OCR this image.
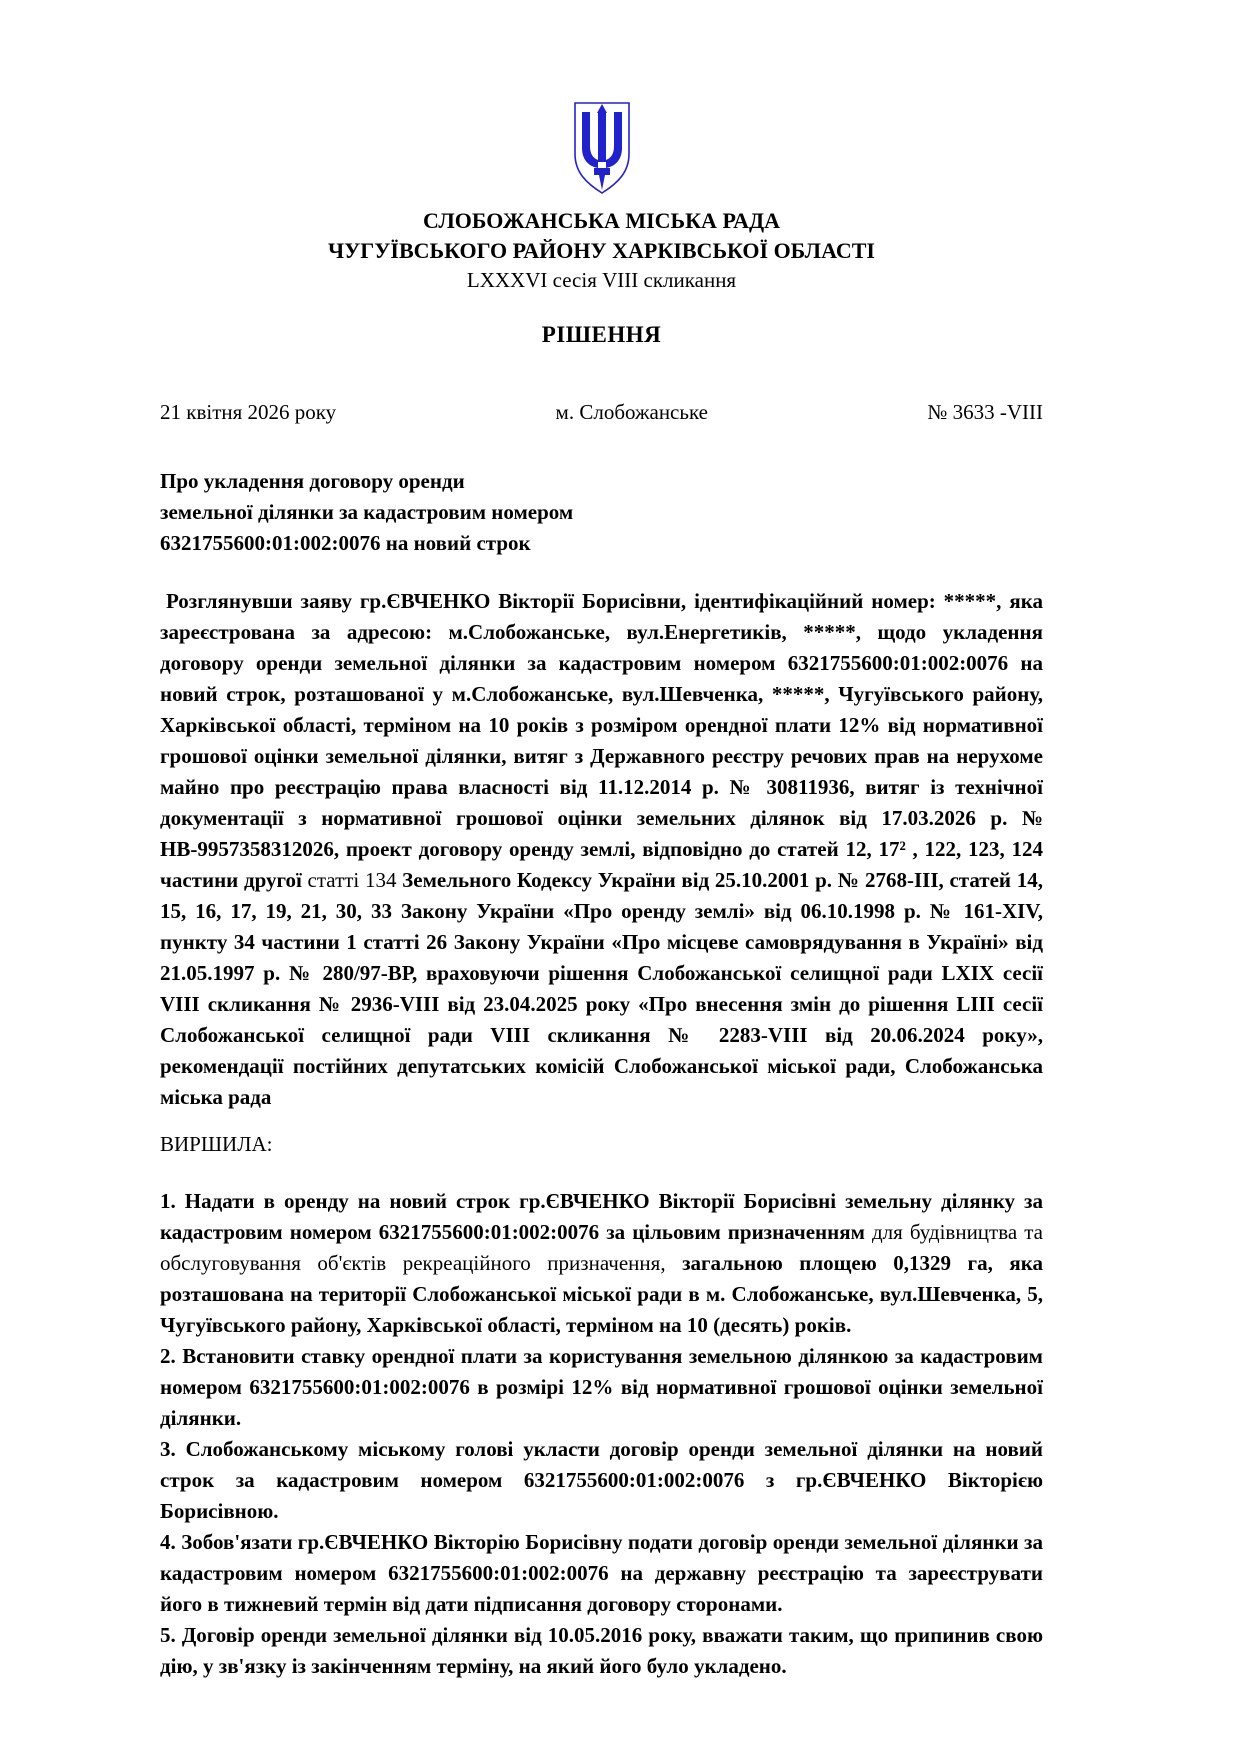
СЛОБОЖАНСЬКА МІСЬКА РАДА
ЧУГУЇВСЬКОГО РАЙОНУ ХАРКІВСЬКОЇ ОБЛАСТІ
LXXXVI сесія VIII скликання
РІШЕННЯ
21 квітня 2026 року	м. Слобожанське	№ 3633 -VIII
Про укладення договору оренди
земельної ділянки за кадастровим номером
6321755600:01:002:0076 на новий строк

Розглянувши заяву гр.ЄВЧЕНКО Вікторії Борисівни, ідентифікаційний номер: *****, яка зареєстрована за адресою: м.Слобожанське, вул.Енергетиків, *****, щодо укладення договору оренди земельної ділянки за кадастровим номером 6321755600:01:002:0076 на новий строк, розташованої у м.Слобожанське, вул.Шевченка, *****, Чугуївського району, Харківської області, терміном на 10 років з розміром орендної плати 12% від нормативної грошової оцінки земельної ділянки, витяг з Державного реєстру речових прав на нерухоме майно про реєстрацію права власності від 11.12.2014 р. № 30811936, витяг із технічної документації з нормативної грошової оцінки земельних ділянок від 17.03.2026 р. № НВ-9957358312026, проект договору оренду землі, відповідно до статей 12, 17² , 122, 123, 124 частини другої статті 134 Земельного Кодексу України від 25.10.2001 р. № 2768-ІІІ, статей 14, 15, 16, 17, 19, 21, 30, 33 Закону України «Про оренду землі» від 06.10.1998 р. № 161-XIV, пункту 34 частини 1 статті 26 Закону України «Про місцеве самоврядування в Україні» від 21.05.1997 р. № 280/97-ВР, враховуючи рішення Слобожанської селищної ради LXIX сесії VIII скликання № 2936-VIII від 23.04.2025 року «Про внесення змін до рішення LIII сесії Слобожанської селищної ради VIII скликання № 2283-VIII від 20.06.2024 року», рекомендації постійних депутатських комісій Слобожанської міської ради, Слобожанська міська рада

ВИРШИЛА:

1. Надати в оренду на новий строк гр.ЄВЧЕНКО Вікторії Борисівні земельну ділянку за кадастровим номером 6321755600:01:002:0076 за цільовим призначенням для будівництва та обслуговування об'єктів рекреаційного призначення, загальною площею 0,1329 га, яка розташована на території Слобожанської міської ради в м. Слобожанське, вул.Шевченка, 5, Чугуївського району, Харківської області, терміном на 10 (десять) років.

2. Встановити ставку орендної плати за користування земельною ділянкою за кадастровим номером 6321755600:01:002:0076 в розмірі 12% від нормативної грошової оцінки земельної ділянки.

3. Слобожанському міському голові укласти договір оренди земельної ділянки на новий строк за кадастровим номером 6321755600:01:002:0076 з гр.ЄВЧЕНКО Вікторією Борисівною.

4. Зобов'язати гр.ЄВЧЕНКО Вікторію Борисівну подати договір оренди земельної ділянки за кадастровим номером 6321755600:01:002:0076 на державну реєстрацію та зареєструвати його в тижневий термін від дати підписання договору сторонами.

5. Договір оренди земельної ділянки від 10.05.2016 року, вважати таким, що припинив свою дію, у зв'язку із закінченням терміну, на який його було укладено.
